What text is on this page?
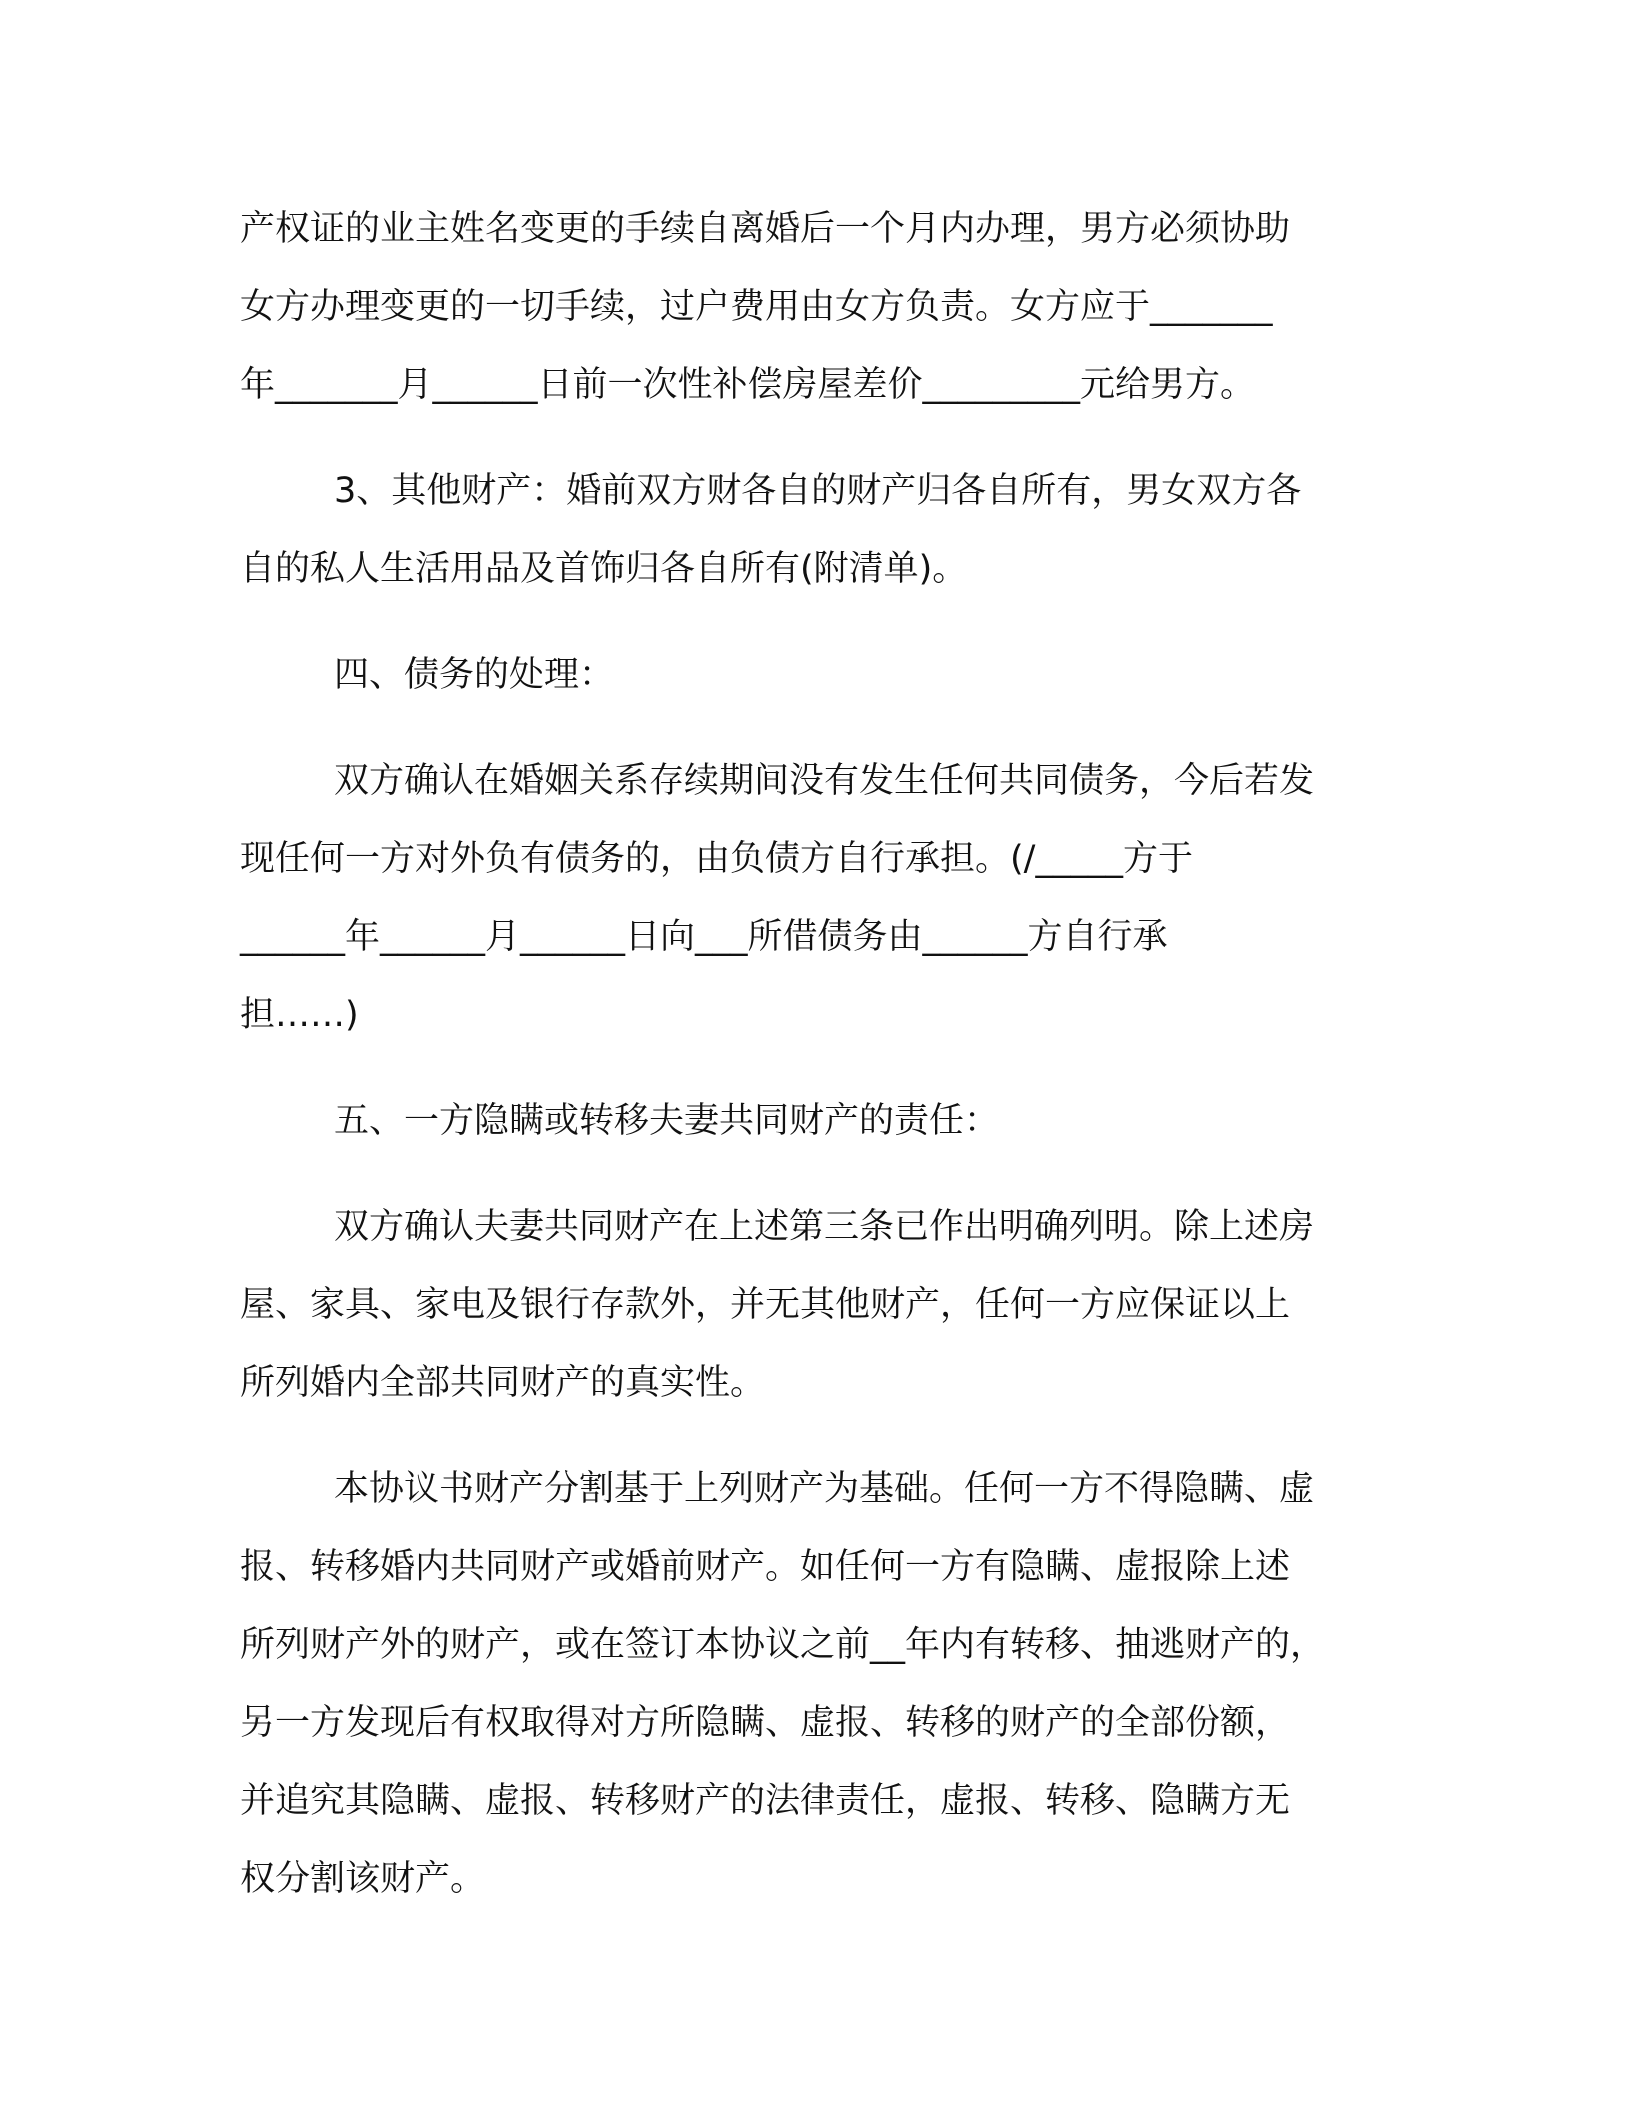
产权证的业主姓名变更的手续自离婚后一个月内办理，男方必须协助
女方办理变更的一切手续，过户费用由女方负责。女方应于_______
年_______月______日前一次性补偿房屋差价_________元给男方。
3、其他财产：婚前双方财各自的财产归各自所有，男女双方各
自的私人生活用品及首饰归各自所有(附清单)。
四、债务的处理：
双方确认在婚姻关系存续期间没有发生任何共同债务，今后若发
现任何一方对外负有债务的，由负债方自行承担。(/_____方于
______年______月______日向___所借债务由______方自行承
担……)
五、一方隐瞒或转移夫妻共同财产的责任：
双方确认夫妻共同财产在上述第三条已作出明确列明。除上述房
屋、家具、家电及银行存款外，并无其他财产，任何一方应保证以上
所列婚内全部共同财产的真实性。
本协议书财产分割基于上列财产为基础。任何一方不得隐瞒、虚
报、转移婚内共同财产或婚前财产。如任何一方有隐瞒、虚报除上述
所列财产外的财产，或在签订本协议之前__年内有转移、抽逃财产的，
另一方发现后有权取得对方所隐瞒、虚报、转移的财产的全部份额，
并追究其隐瞒、虚报、转移财产的法律责任，虚报、转移、隐瞒方无
权分割该财产。
